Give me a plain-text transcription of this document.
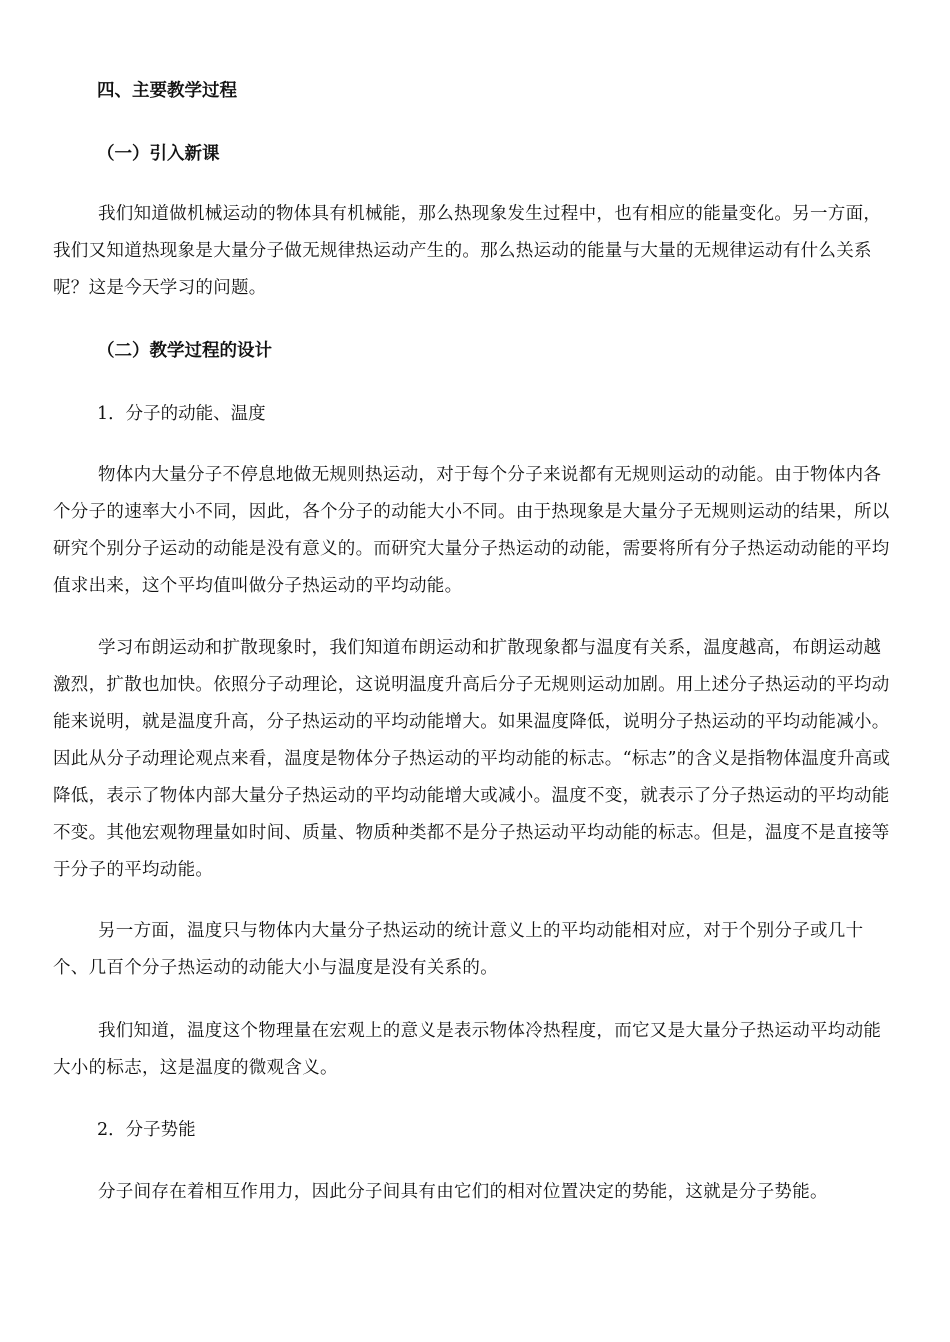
四、主要教学过程
（一）引入新课

我们知道做机械运动的物体具有机械能，那么热现象发生过程中，也有相应的能量变化。另一方面，我们又知道热现象是大量分子做无规律热运动产生的。那么热运动的能量与大量的无规律运动有什么关系呢？这是今天学习的问题。

（二）教学过程的设计
1．分子的动能、温度

物体内大量分子不停息地做无规则热运动，对于每个分子来说都有无规则运动的动能。由于物体内各个分子的速率大小不同，因此，各个分子的动能大小不同。由于热现象是大量分子无规则运动的结果，所以研究个别分子运动的动能是没有意义的。而研究大量分子热运动的动能，需要将所有分子热运动动能的平均值求出来，这个平均值叫做分子热运动的平均动能。

学习布朗运动和扩散现象时，我们知道布朗运动和扩散现象都与温度有关系，温度越高，布朗运动越激烈，扩散也加快。依照分子动理论，这说明温度升高后分子无规则运动加剧。用上述分子热运动的平均动能来说明，就是温度升高，分子热运动的平均动能增大。如果温度降低，说明分子热运动的平均动能减小。因此从分子动理论观点来看，温度是物体分子热运动的平均动能的标志。“标志”的含义是指物体温度升高或降低，表示了物体内部大量分子热运动的平均动能增大或减小。温度不变，就表示了分子热运动的平均动能不变。其他宏观物理量如时间、质量、物质种类都不是分子热运动平均动能的标志。但是，温度不是直接等于分子的平均动能。

另一方面，温度只与物体内大量分子热运动的统计意义上的平均动能相对应，对于个别分子或几十个、几百个分子热运动的动能大小与温度是没有关系的。

我们知道，温度这个物理量在宏观上的意义是表示物体冷热程度，而它又是大量分子热运动平均动能大小的标志，这是温度的微观含义。

2．分子势能

分子间存在着相互作用力，因此分子间具有由它们的相对位置决定的势能，这就是分子势能。
